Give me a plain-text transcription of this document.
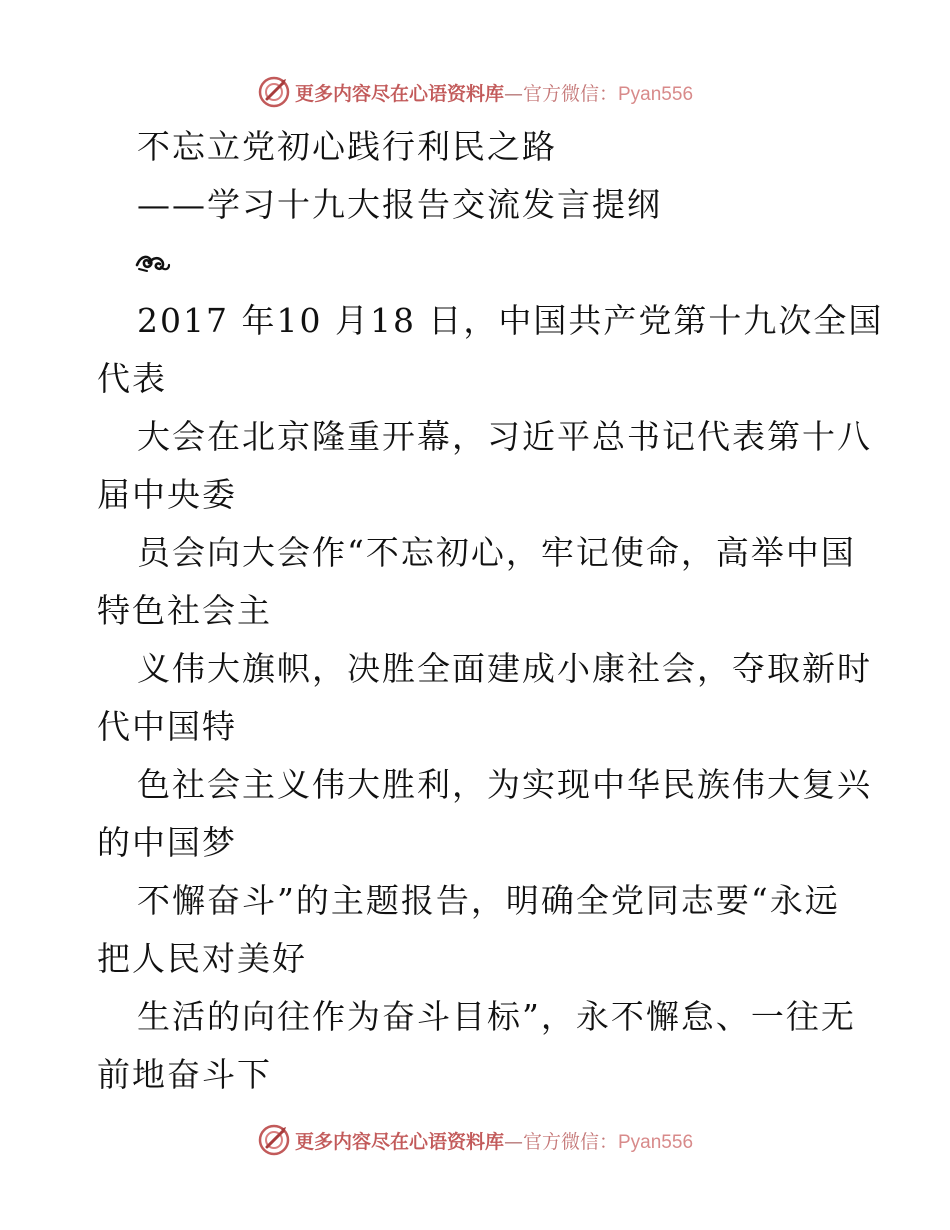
更多内容尽在心语资料库—官方微信：Pyan556
不忘立党初心践行利民之路
——学习十九大报告交流发言提纲
2017 年10 月18 日，中国共产党第十九次全国
代表
大会在北京隆重开幕，习近平总书记代表第十八
届中央委
员会向大会作“不忘初心，牢记使命，高举中国
特色社会主
义伟大旗帜，决胜全面建成小康社会，夺取新时
代中国特
色社会主义伟大胜利，为实现中华民族伟大复兴
的中国梦
不懈奋斗”的主题报告，明确全党同志要“永远
把人民对美好
生活的向往作为奋斗目标”，永不懈怠、一往无
前地奋斗下
更多内容尽在心语资料库—官方微信：Pyan556
